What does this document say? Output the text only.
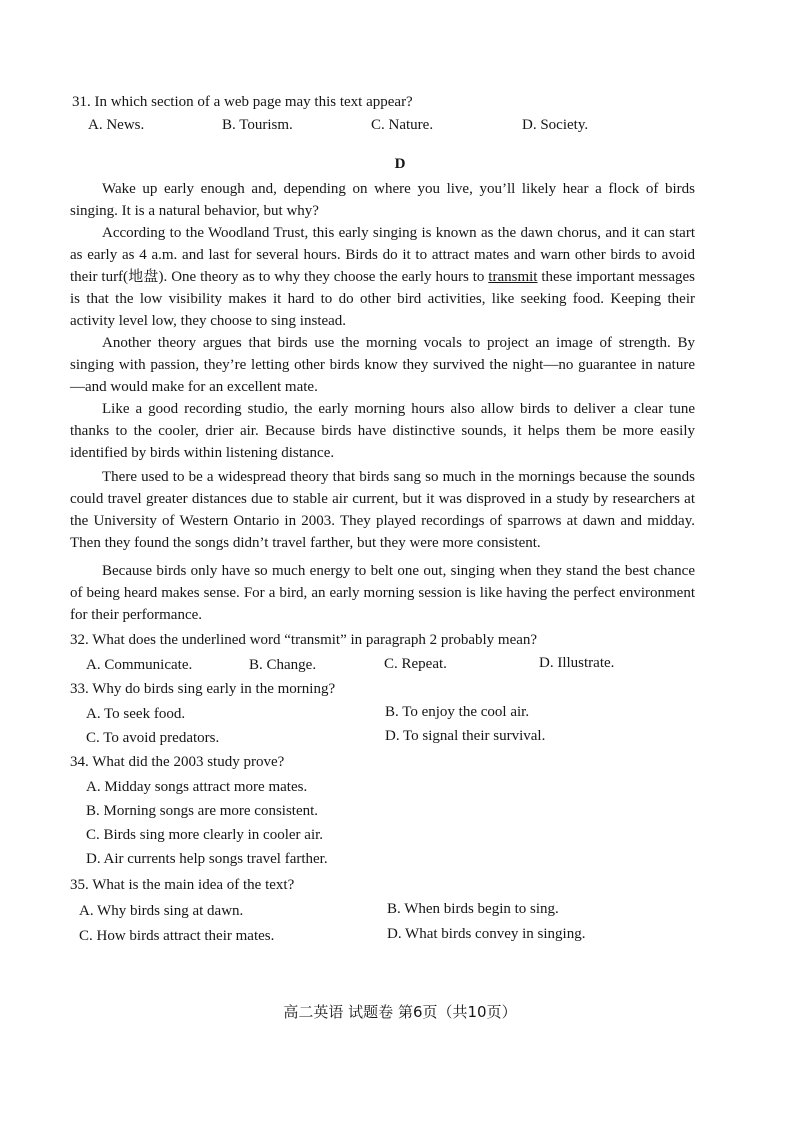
31. In which section of a web page may this text appear?
A. News.	B. Tourism.	C. Nature.	D. Society.
D

Wake up early enough and, depending on where you live, you’ll likely hear a flock of birds singing. It is a natural behavior, but why?

According to the Woodland Trust, this early singing is known as the dawn chorus, and it can start as early as 4 a.m. and last for several hours. Birds do it to attract mates and warn other birds to avoid their turf(地盘). One theory as to why they choose the early hours to transmit these important messages is that the low visibility makes it hard to do other bird activities, like seeking food. Keeping their activity level low, they choose to sing instead.

Another theory argues that birds use the morning vocals to project an image of strength. By singing with passion, they’re letting other birds know they survived the night—no guarantee in nature—and would make for an excellent mate.

Like a good recording studio, the early morning hours also allow birds to deliver a clear tune thanks to the cooler, drier air. Because birds have distinctive sounds, it helps them be more easily identified by birds within listening distance.

There used to be a widespread theory that birds sang so much in the mornings because the sounds could travel greater distances due to stable air current, but it was disproved in a study by researchers at the University of Western Ontario in 2003. They played recordings of sparrows at dawn and midday. Then they found the songs didn’t travel farther, but they were more consistent.

Because birds only have so much energy to belt one out, singing when they stand the best chance of being heard makes sense. For a bird, an early morning session is like having the perfect environment for their performance.

32. What does the underlined word “transmit” in paragraph 2 probably mean?
A. Communicate.	B. Change.	C. Repeat.	D. Illustrate.
33. Why do birds sing early in the morning?
A. To seek food.	B. To enjoy the cool air.
C. To avoid predators.	D. To signal their survival.
34. What did the 2003 study prove?
A. Midday songs attract more mates.
B. Morning songs are more consistent.
C. Birds sing more clearly in cooler air.
D. Air currents help songs travel farther.
35. What is the main idea of the text?
A. Why birds sing at dawn.	B. When birds begin to sing.
C. How birds attract their mates.	D. What birds convey in singing.
高二英语 试题卷 第6页（共10页）
